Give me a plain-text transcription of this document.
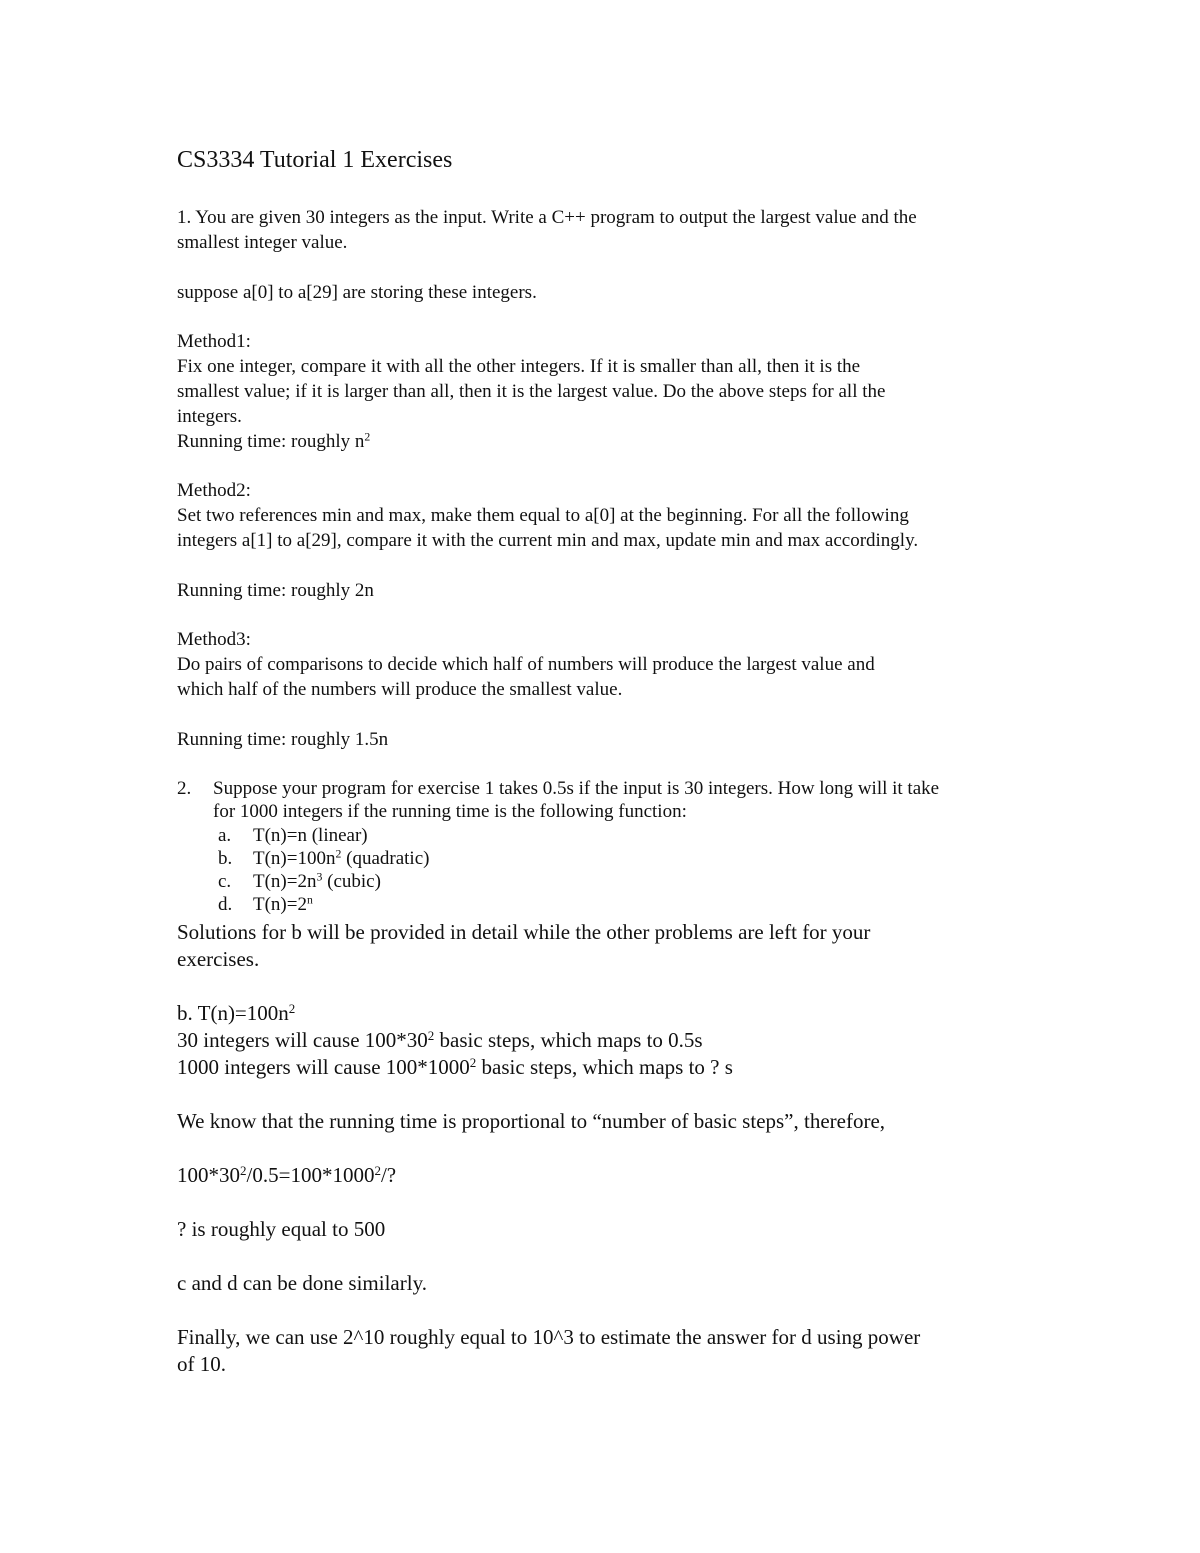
CS3334 Tutorial 1 Exercises
1. You are given 30 integers as the input. Write a C++ program to output the largest value and the
smallest integer value.
suppose a[0] to a[29] are storing these integers.
Method1:
Fix one integer, compare it with all the other integers. If it is smaller than all, then it is the
smallest value; if it is larger than all, then it is the largest value. Do the above steps for all the
integers.
Running time: roughly $n^2$
Method2:
Set two references min and max, make them equal to a[0] at the beginning. For all the following
integers a[1] to a[29], compare it with the current min and max, update min and max accordingly.
Running time: roughly 2n
Method3:
Do pairs of comparisons to decide which half of numbers will produce the largest value and
which half of the numbers will produce the smallest value.
Running time: roughly 1.5n
2. Suppose your program for exercise 1 takes 0.5s if the input is 30 integers. How long will it take
for 1000 integers if the running time is the following function:
a. T(n)=n (linear)
b. $T(n)=100n^2$ (quadratic)
c. $T(n)=2n^3$ (cubic)
d. $T(n)=2^n$
Solutions for b will be provided in detail while the other problems are left for your
exercises.
b. $T(n)=100n^2$
30 integers will cause $100*30^2$ basic steps, which maps to 0.5s
1000 integers will cause 100*1000$^2$ basic steps, which maps to ? s
We know that the running time is proportional to “number of basic steps”, therefore,
$100*30^2/0.5=100*1000^2/$?
? is roughly equal to 500
c and d can be done similarly.
Finally, we can use 2^10 roughly equal to 10^3 to estimate the answer for d using power
of 10.
